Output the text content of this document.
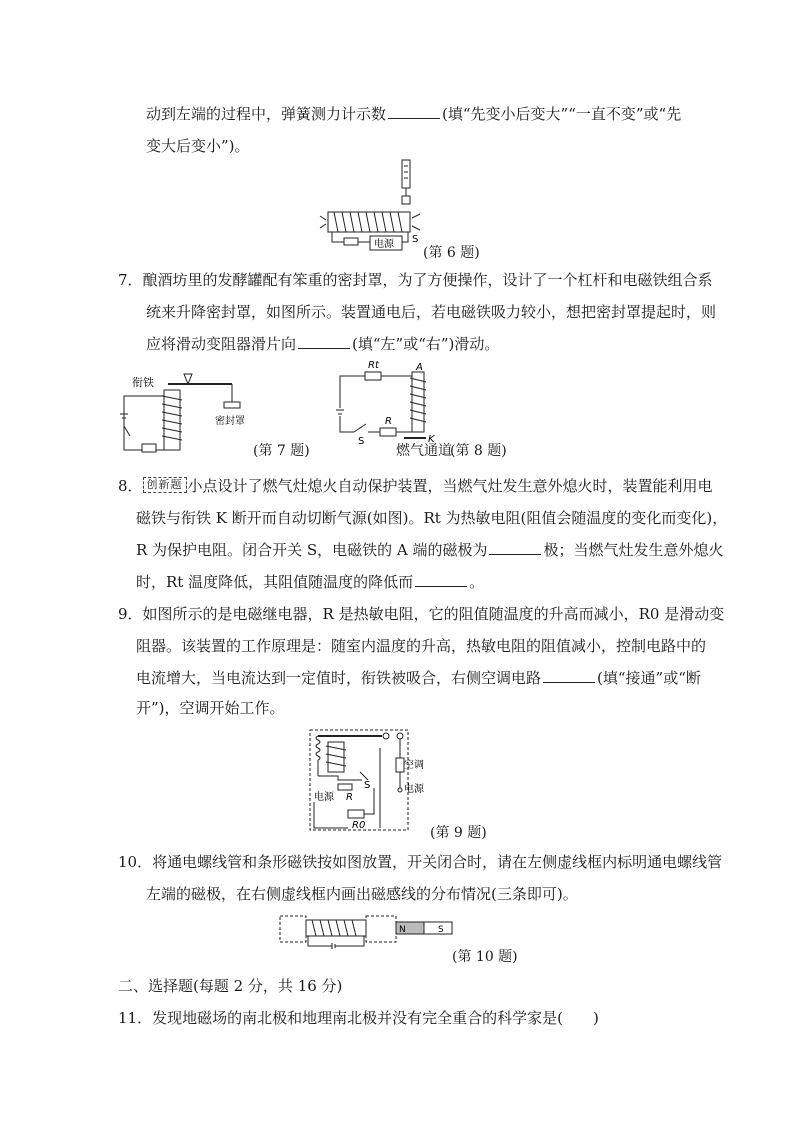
动到左端的过程中，弹簧测力计示数	(填“先变小后变大”“一直不变”或“先
变大后变小”)。
电源 S
(第 6 题)
7．酿酒坊里的发酵罐配有笨重的密封罩，为了方便操作，设计了一个杠杆和电磁铁组合系
统来升降密封罩，如图所示。装置通电后，若电磁铁吸力较小，想把密封罩提起时，则
应将滑动变阻器滑片向	(填“左”或“右”)滑动。
衔铁
密封罩
(第 7 题)
Rt	A
S
R
K
燃气通道
(第 8 题)
8． 创新题 小点设计了燃气灶熄火自动保护装置，当燃气灶发生意外熄火时，装置能利用电
磁铁与衔铁 K 断开而自动切断气源(如图)。Rt 为热敏电阻(阻值会随温度的变化而变化)，
R 为保护电阻。闭合开关 S，电磁铁的 A 端的磁极为	极；当燃气灶发生意外熄火
时，Rt 温度降低，其阻值随温度的降低而	。
9．如图所示的是电磁继电器，R 是热敏电阻，它的阻值随温度的升高而减小，R0 是滑动变
阻器。该装置的工作原理是：随室内温度的升高，热敏电阻的阻值减小，控制电路中的
电流增大，当电流达到一定值时，衔铁被吸合，右侧空调电路	(填“接通”或“断
开”)，空调开始工作。
空调
电源
S
R
电源
R0	(第 9 题)
10．将通电螺线管和条形磁铁按如图放置，开关闭合时，请在左侧虚线框内标明通电螺线管
左端的磁极，在右侧虚线框内画出磁感线的分布情况(三条即可)。
N	S
(第 10 题)
二、选择题(每题 2 分，共 16 分)
11．发现地磁场的南北极和地理南北极并没有完全重合的科学家是(　　)
